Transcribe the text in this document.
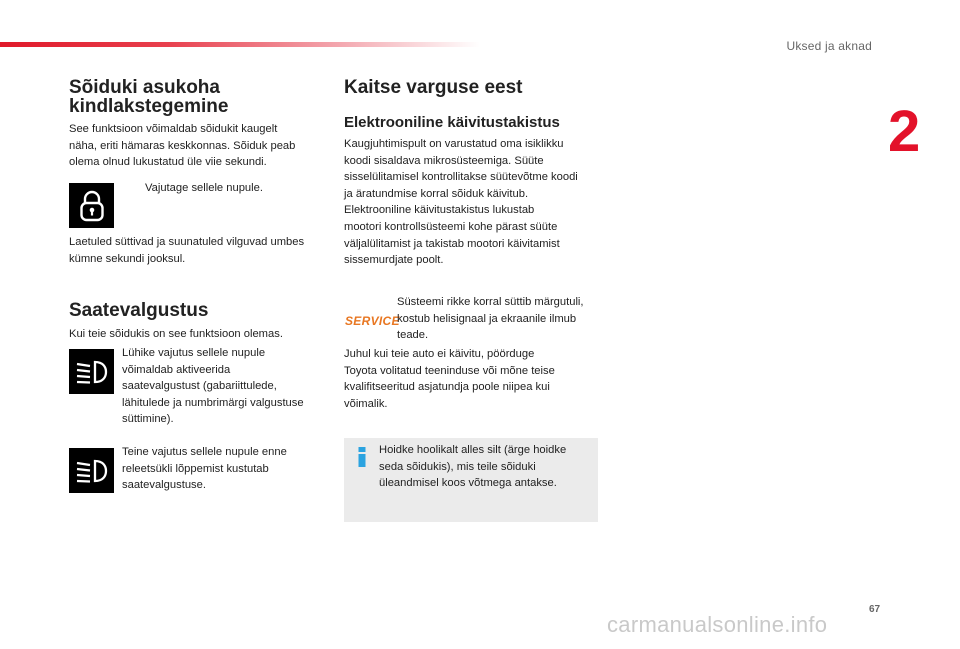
Uksed ja aknad
2
Sõiduki asukoha
kindlakstegemine
See funktsioon võimaldab sõidukit kaugelt
näha, eriti hämaras keskkonnas. Sõiduk peab
olema olnud lukustatud üle viie sekundi.
Vajutage sellele nupule.
Laetuled süttivad ja suunatuled vilguvad umbes
kümne sekundi jooksul.
Saatevalgustus
Kui teie sõidukis on see funktsioon olemas.
Lühike vajutus sellele nupule
võimaldab aktiveerida
saatevalgustust (gabariittulede,
lähitulede ja numbrimärgi valgustuse
süttimine).
Teine vajutus sellele nupule enne
releetsükli lõppemist kustutab
saatevalgustuse.
Kaitse varguse eest
Elektrooniline käivitustakistus
Kaugjuhtimispult on varustatud oma isiklikku
koodi sisaldava mikrosüsteemiga. Süüte
sisselülitamisel kontrollitakse süütevõtme koodi
ja äratundmise korral sõiduk käivitub.
Elektrooniline käivitustakistus lukustab
mootori kontrollsüsteemi kohe pärast süüte
väljalülitamist ja takistab mootori käivitamist
sissemurdjate poolt.
SERVICE
Süsteemi rikke korral süttib märgutuli,
kostub helisignaal ja ekraanile ilmub
teade.
Juhul kui teie auto ei käivitu, pöörduge
Toyota volitatud teeninduse või mõne teise
kvalifitseeritud asjatundja poole niipea kui
võimalik.
Hoidke hoolikalt alles silt (ärge hoidke
seda sõidukis), mis teile sõiduki
üleandmisel koos võtmega antakse.
67
carmanualsonline.info
